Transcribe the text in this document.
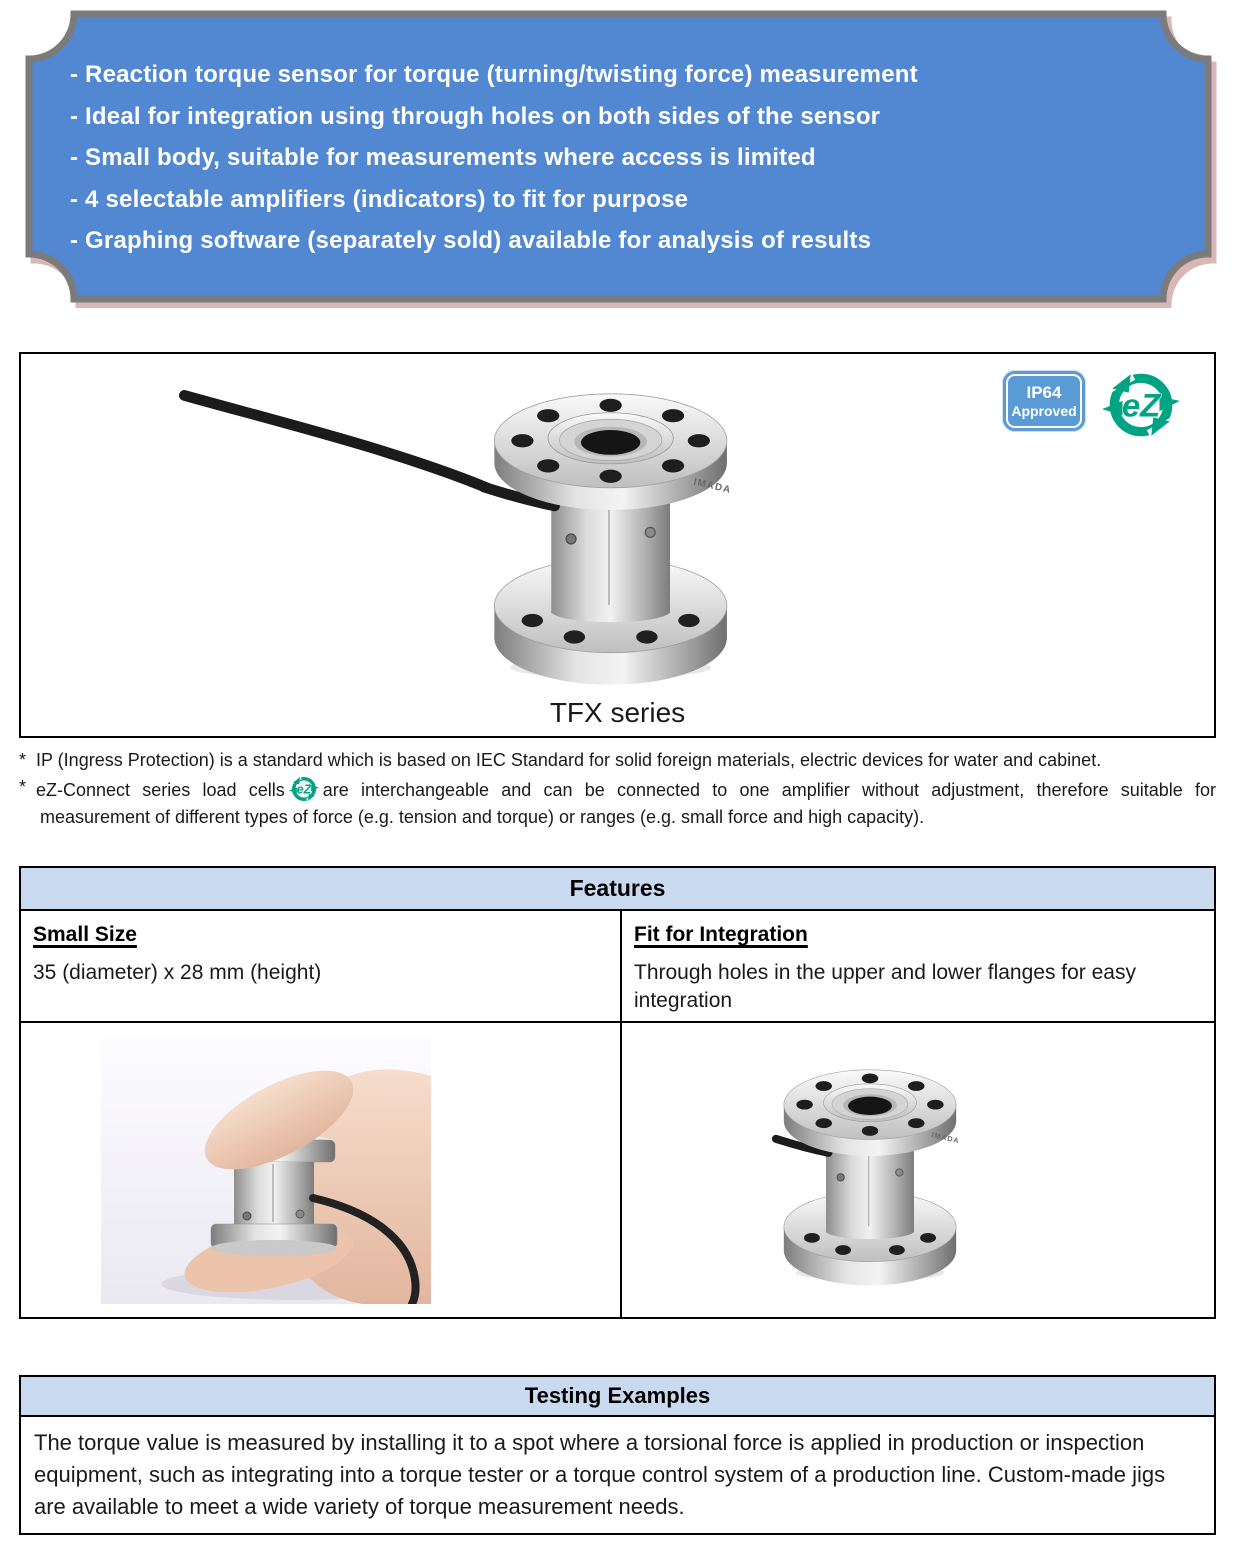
- Reaction torque sensor for torque (turning/twisting force) measurement
- Ideal for integration using through holes on both sides of the sensor
- Small body, suitable for measurements where access is limited
- 4 selectable amplifiers (indicators) to fit for purpose
- Graphing software (separately sold) available for analysis of results
IP64
Approved
TFX series
* IP (Ingress Protection) is a standard which is based on IEC Standard for solid foreign materials, electric devices for water and cabinet.
* eZ-Connect series load cells are interchangeable and can be connected to one amplifier without adjustment, therefore suitable for
measurement of different types of force (e.g. tension and torque) or ranges (e.g. small force and high capacity).
Features
Small Size
35 (diameter) x 28 mm (height)
Fit for Integration
Through holes in the upper and lower flanges for easy integration
Testing Examples
The torque value is measured by installing it to a spot where a torsional force is applied in production or inspection equipment, such as integrating into a torque tester or a torque control system of a production line. Custom-made jigs are available to meet a wide variety of torque measurement needs.
